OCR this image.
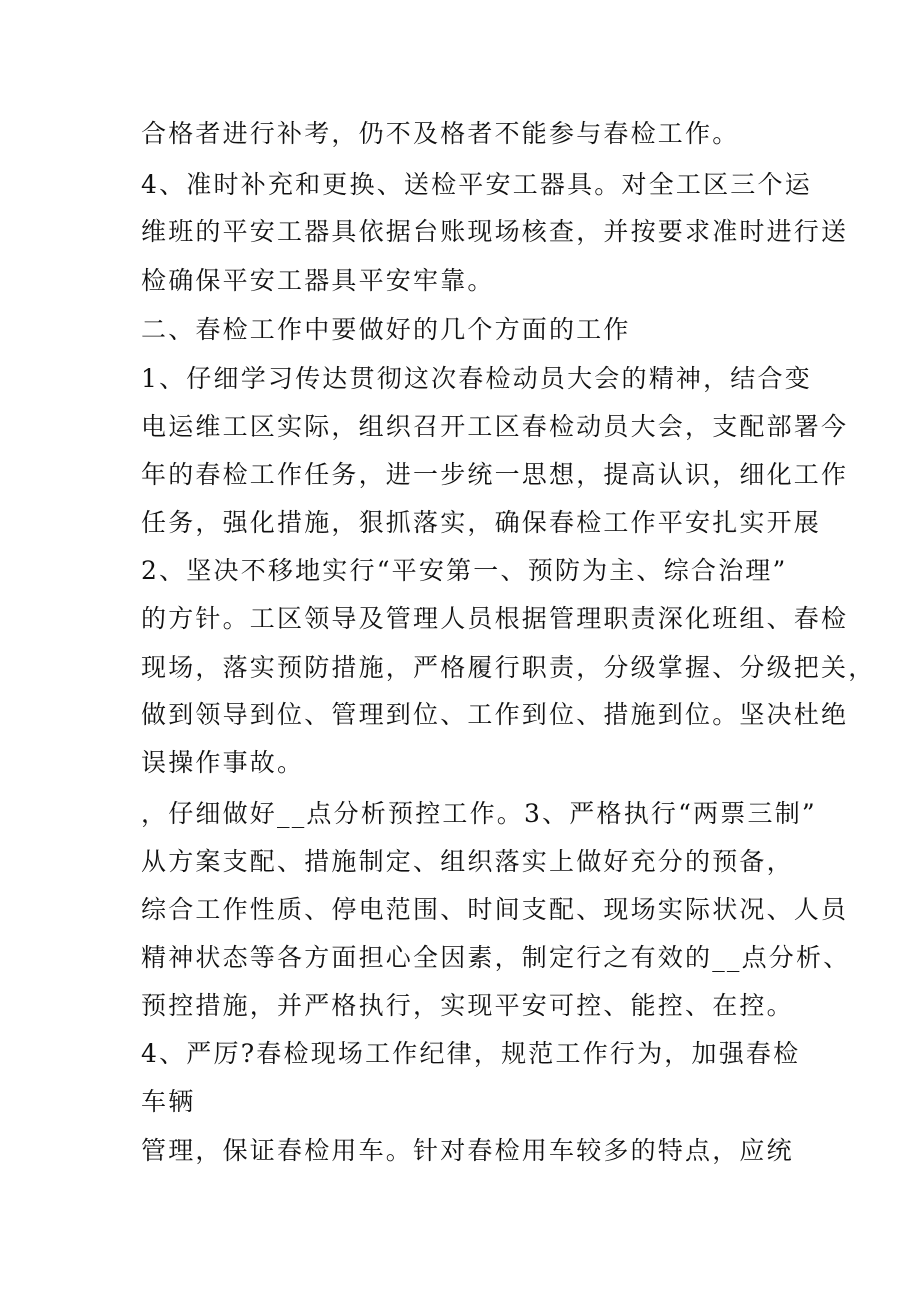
合格者进行补考，仍不及格者不能参与春检工作。
4、准时补充和更换、送检平安工器具。对全工区三个运
维班的平安工器具依据台账现场核查，并按要求准时进行送
检确保平安工器具平安牢靠。
二、春检工作中要做好的几个方面的工作
1、仔细学习传达贯彻这次春检动员大会的精神，结合变
电运维工区实际，组织召开工区春检动员大会，支配部署今
年的春检工作任务，进一步统一思想，提高认识，细化工作
任务，强化措施，狠抓落实，确保春检工作平安扎实开展
2、坚决不移地实行“平安第一、预防为主、综合治理”
的方针。工区领导及管理人员根据管理职责深化班组、春检
现场，落实预防措施，严格履行职责，分级掌握、分级把关，
做到领导到位、管理到位、工作到位、措施到位。坚决杜绝
误操作事故。
，仔细做好__点分析预控工作。3、严格执行“两票三制”
从方案支配、措施制定、组织落实上做好充分的预备，
综合工作性质、停电范围、时间支配、现场实际状况、人员
精神状态等各方面担心全因素，制定行之有效的__点分析、
预控措施，并严格执行，实现平安可控、能控、在控。
4、严厉?春检现场工作纪律，规范工作行为，加强春检
车辆
管理，保证春检用车。针对春检用车较多的特点，应统
